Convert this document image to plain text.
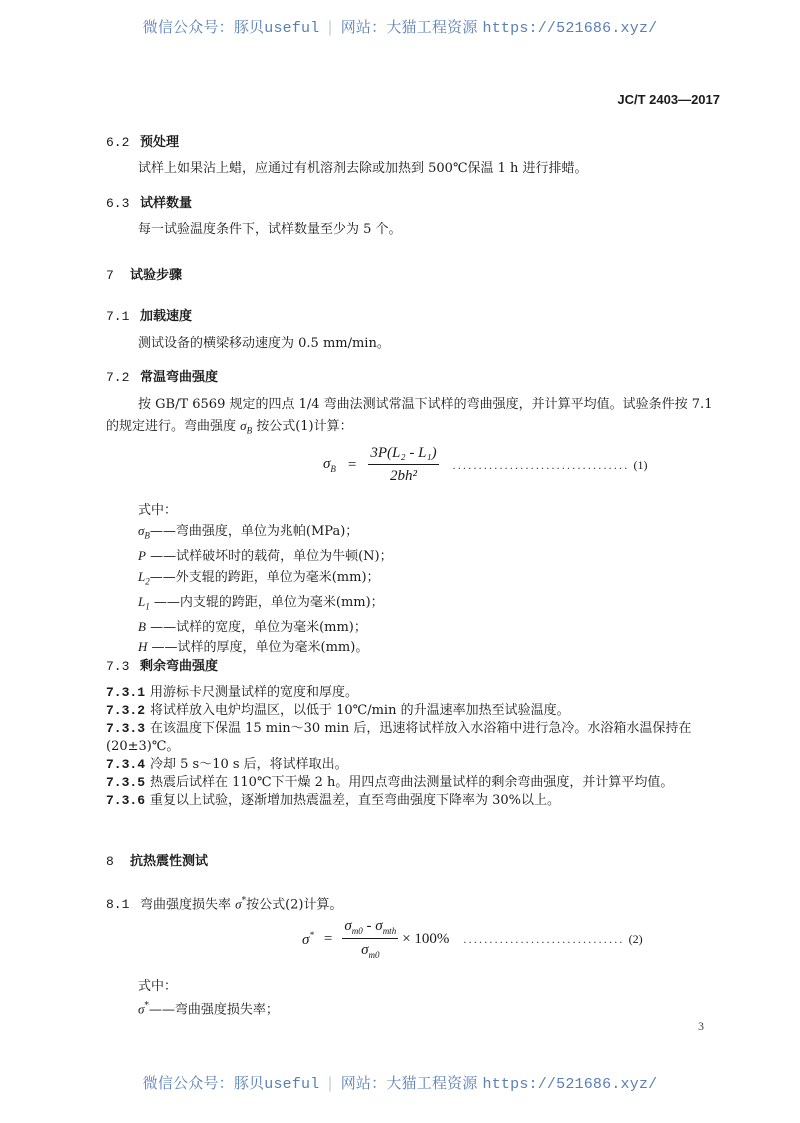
微信公众号：豚贝useful | 网站：大猫工程资源 https://521686.xyz/
JC/T 2403—2017
6.2 预处理
试样上如果沾上蜡，应通过有机溶剂去除或加热到 500℃保温 1 h 进行排蜡。
6.3 试样数量
每一试验温度条件下，试样数量至少为 5 个。
7 试验步骤
7.1 加载速度
测试设备的横梁移动速度为 0.5 mm/min。
7.2 常温弯曲强度
按 GB/T 6569 规定的四点 1/4 弯曲法测试常温下试样的弯曲强度，并计算平均值。试验条件按 7.1
的规定进行。弯曲强度 $\sigma_B$ 按公式(1)计算：
$\sigma_B = \frac{\text{3P(L₂ - L₁)}}{\text{2bh²}}$ .................................. (1)
式中：
$\sigma_B——$弯曲强度，单位为兆帕(MPa)；
P ——试样破坏时的载荷，单位为牛顿(N)；
$L_2——$外支辊的跨距，单位为毫米(mm)；
$L_1$ ——内支辊的跨距，单位为毫米(mm)；
B ——试样的宽度，单位为毫米(mm)；
H ——试样的厚度，单位为毫米(mm)。
7.3 剩余弯曲强度
7.3.1 用游标卡尺测量试样的宽度和厚度。
7.3.2 将试样放入电炉均温区，以低于 10℃/min 的升温速率加热至试验温度。
7.3.3 在该温度下保温 15 min～30 min 后，迅速将试样放入水浴箱中进行急冷。水浴箱水温保持在
(20±3)℃。
7.3.4 冷却 5 s～10 s 后，将试样取出。
7.3.5 热震后试样在 110℃下干燥 2 h。用四点弯曲法测量试样的剩余弯曲强度，并计算平均值。
7.3.6 重复以上试验，逐渐增加热震温差，直至弯曲强度下降率为 30%以上。
8 抗热震性测试
8.1 弯曲强度损失率 σ*按公式(2)计算。
$\sigma^* = \frac{\sigma_{m0} - \sigma_{mth}}{\sigma_{m0}} \times 100\%$ ............................... (2)
式中：
σ*——弯曲强度损失率；
3
微信公众号：豚贝useful | 网站：大猫工程资源 https://521686.xyz/
